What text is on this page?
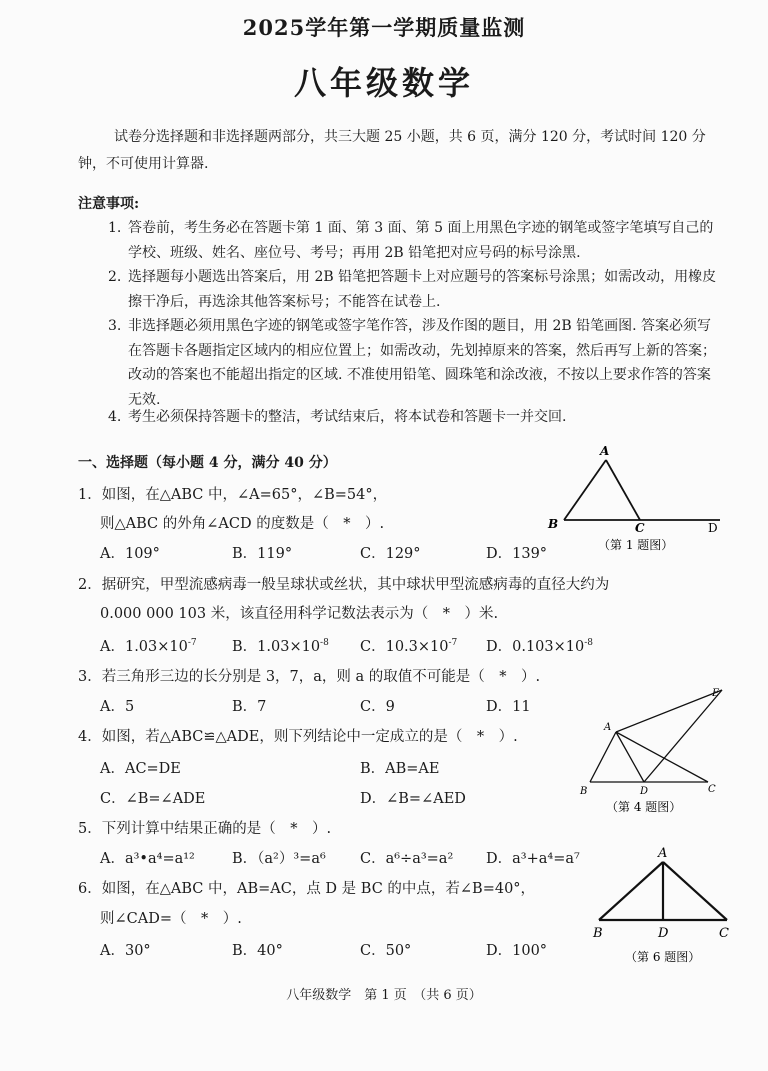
2025学年第一学期质量监测
八年级数学
试卷分选择题和非选择题两部分，共三大题 25 小题，共 6 页，满分 120 分，考试时间 120 分钟，不可使用计算器.
注意事项:
1. 答卷前，考生务必在答题卡第 1 面、第 3 面、第 5 面上用黑色字迹的钢笔或签字笔填写自己的学校、班级、姓名、座位号、考号；再用 2B 铅笔把对应号码的标号涂黑.
2. 选择题每小题选出答案后，用 2B 铅笔把答题卡上对应题号的答案标号涂黑；如需改动，用橡皮擦干净后，再选涂其他答案标号；不能答在试卷上.
3. 非选择题必须用黑色字迹的钢笔或签字笔作答，涉及作图的题目，用 2B 铅笔画图. 答案必须写在答题卡各题指定区域内的相应位置上；如需改动，先划掉原来的答案，然后再写上新的答案；改动的答案也不能超出指定的区域. 不准使用铅笔、圆珠笔和涂改液，不按以上要求作答的答案无效.
4. 考生必须保持答题卡的整洁，考试结束后，将本试卷和答题卡一并交回.
一、选择题（每小题 4 分，满分 40 分）
1．如图，在△ABC 中，∠A=65°，∠B=54°，
则△ABC 的外角∠ACD 的度数是（　*　）.
A．109°	B．119°	C．129°	D．139°
A
B	C	D
（第 1 题图）
2．据研究，甲型流感病毒一般呈球状或丝状，其中球状甲型流感病毒的直径大约为
0.000 000 103 米，该直径用科学记数法表示为（　*　）米.
A．$1.03\times 10^{-7}$ B．$1.03\times 10^{-8}$ C．$10.3\times 10^{-7}$ D．$0.103\times 10^{-8}$
3．若三角形三边的长分别是 3，7，a，则 a 的取值不可能是（　*　）.
A．5	B．7	C．9	D．11
4．如图，若△ABC≌△ADE，则下列结论中一定成立的是（　*　）.
A．AC=DE	B．AB=AE
C．∠B=∠ADE	D．∠B=∠AED
A
B	D	C
E
（第 4 题图）
5．下列计算中结果正确的是（　*　）.
A．a³•a⁴=a¹²	B．（a²）³=a⁶ C．a⁶÷a³=a² D．a³+a⁴=a⁷
6．如图，在△ABC 中，AB=AC，点 D 是 BC 的中点，若∠B=40°，
则∠CAD=（　*　）.
A．30°	B．40°	C．50°	D．100°
A
B	D	C
（第 6 题图）
八年级数学　第 1 页　（共 6 页）
